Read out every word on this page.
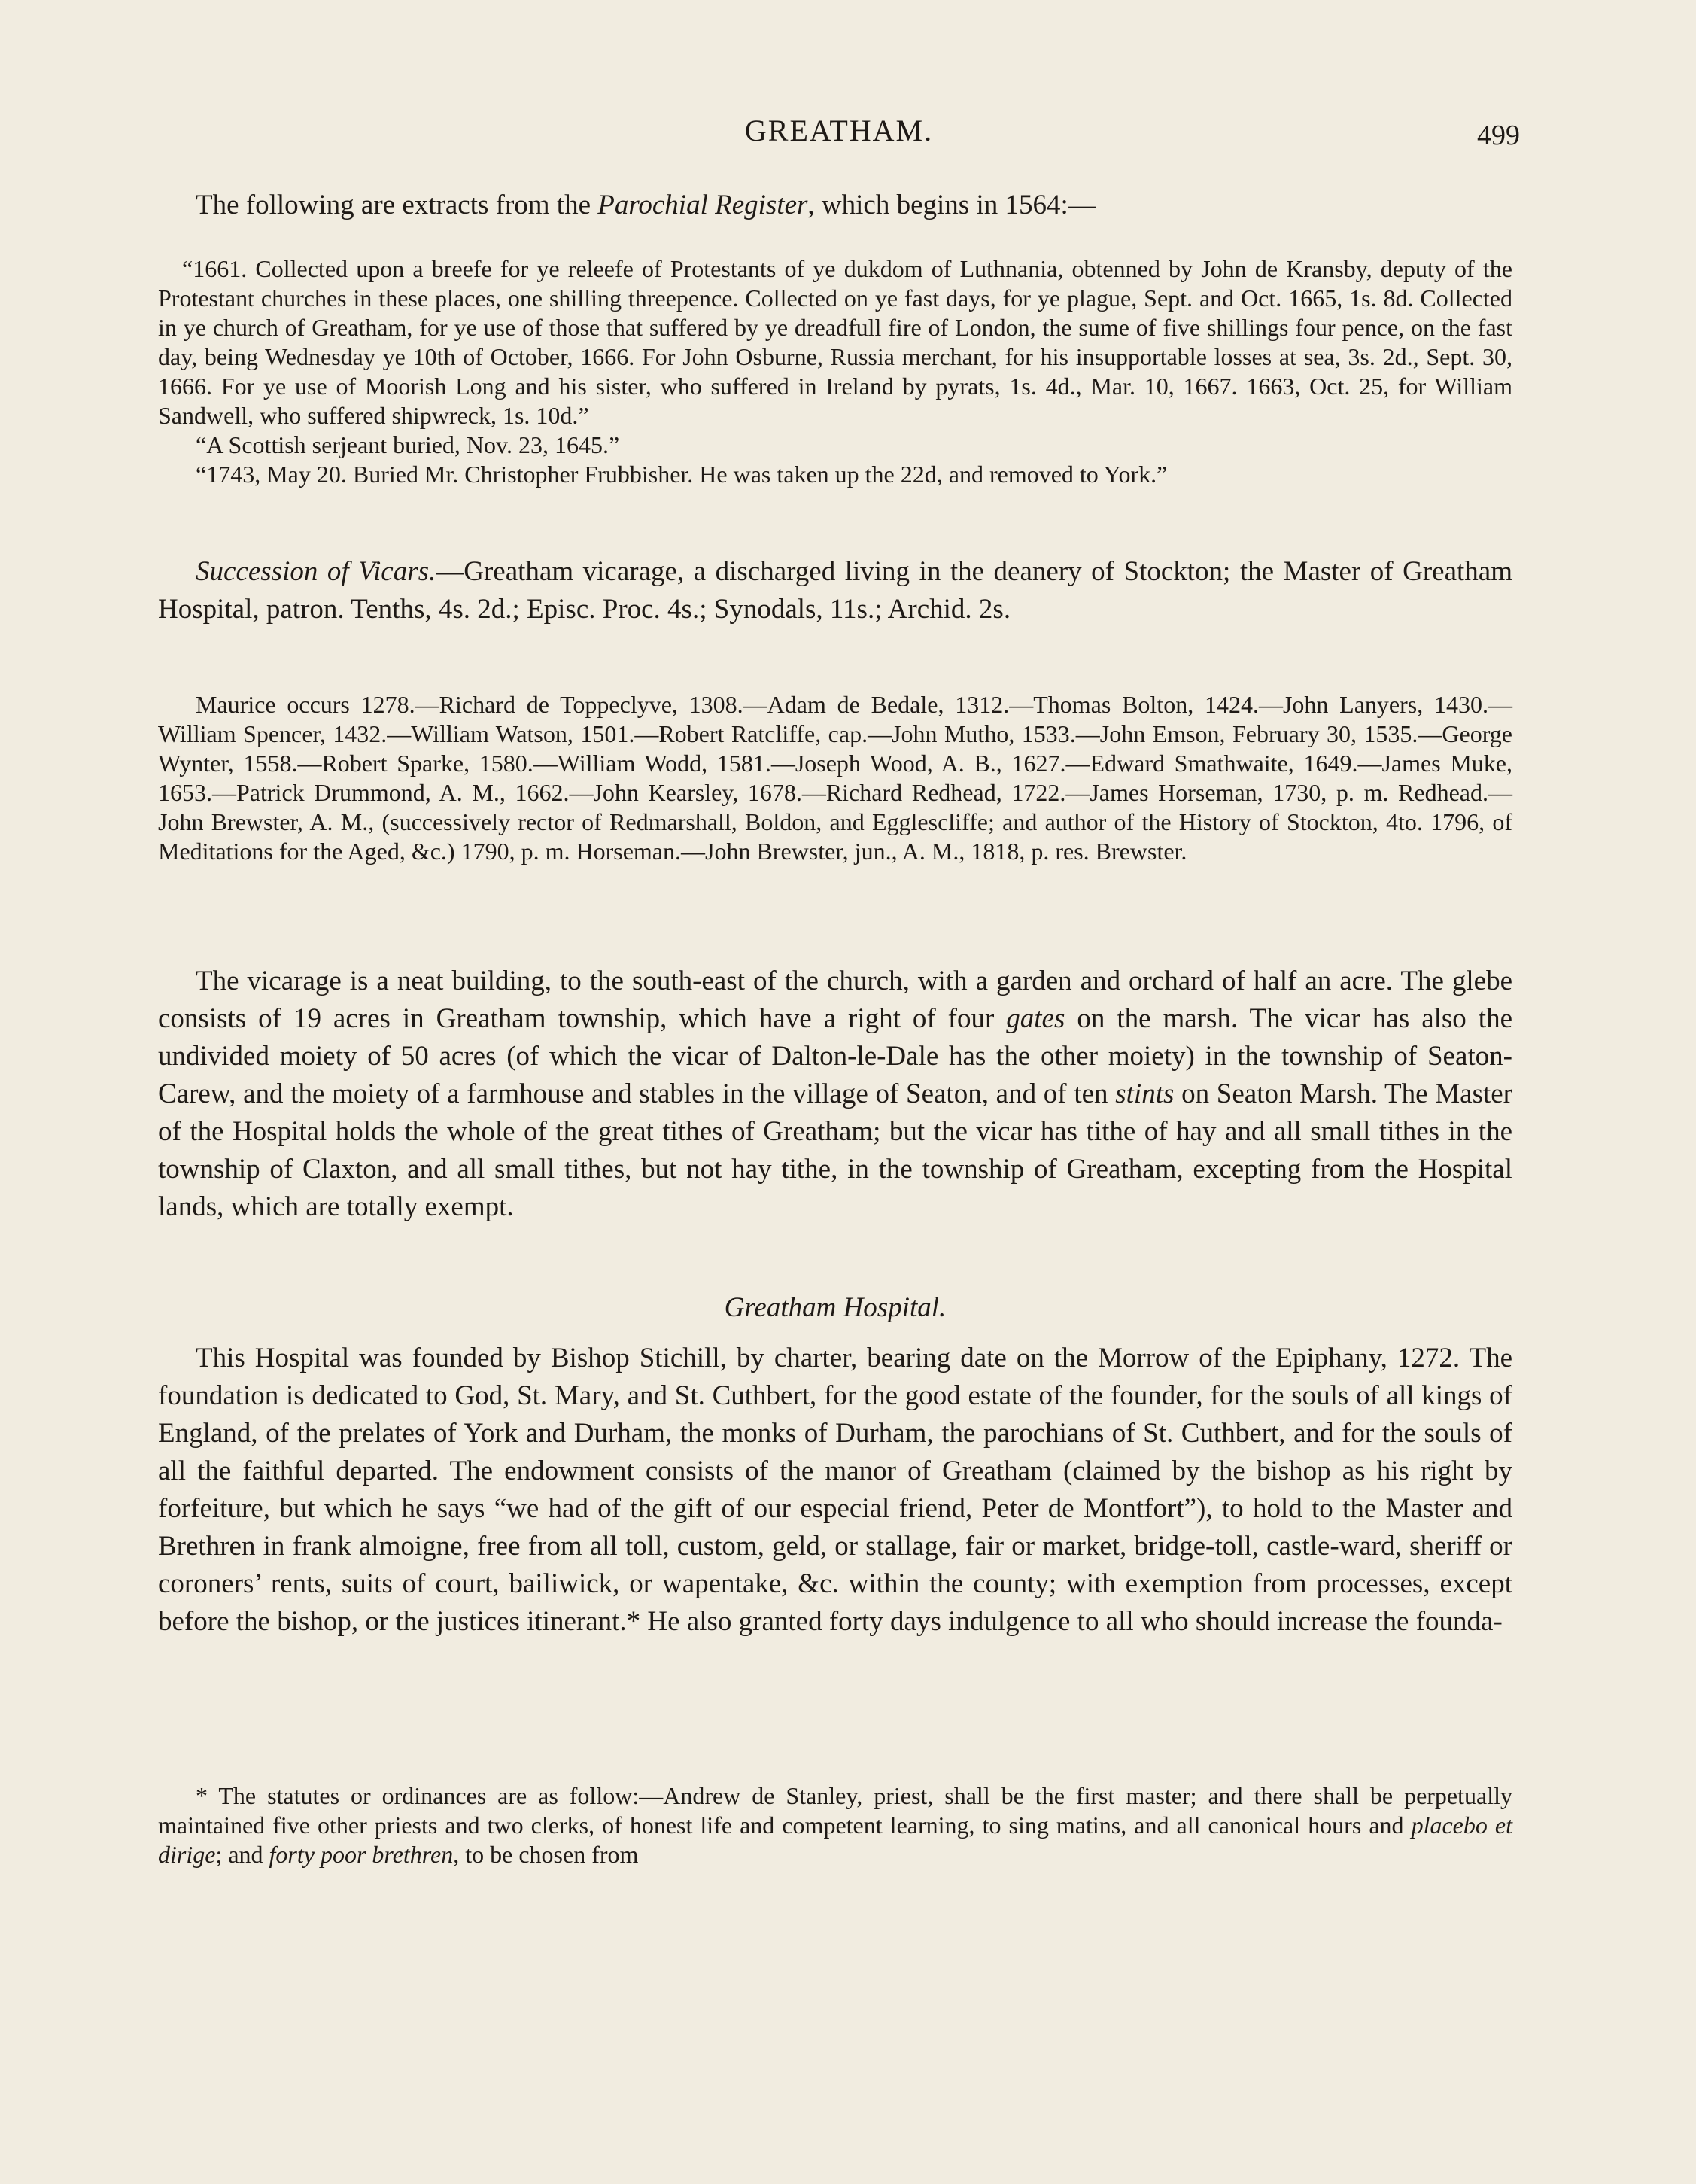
GREATHAM.	499

The following are extracts from the Parochial Register, which begins in 1564:—

“1661. Collected upon a breefe for ye releefe of Protestants of ye dukdom of Luthnania, obtenned by John de Kransby, deputy of the Protestant churches in these places, one shilling threepence. Collected on ye fast days, for ye plague, Sept. and Oct. 1665, 1s. 8d. Collected in ye church of Greatham, for ye use of those that suffered by ye dreadfull fire of London, the sume of five shillings four pence, on the fast day, being Wednesday ye 10th of October, 1666. For John Osburne, Russia merchant, for his insupportable losses at sea, 3s. 2d., Sept. 30, 1666. For ye use of Moorish Long and his sister, who suffered in Ireland by pyrats, 1s. 4d., Mar. 10, 1667. 1663, Oct. 25, for William Sandwell, who suffered shipwreck, 1s. 10d.”

“A Scottish serjeant buried, Nov. 23, 1645.”

“1743, May 20. Buried Mr. Christopher Frubbisher. He was taken up the 22d, and removed to York.”

Succession of Vicars.—Greatham vicarage, a discharged living in the deanery of Stockton; the Master of Greatham Hospital, patron. Tenths, 4s. 2d.; Episc. Proc. 4s.; Synodals, 11s.; Archid. 2s.

Maurice occurs 1278.—Richard de Toppeclyve, 1308.—Adam de Bedale, 1312.—Thomas Bolton, 1424.—John Lanyers, 1430.—William Spencer, 1432.—William Watson, 1501.—Robert Ratcliffe, cap.—John Mutho, 1533.—John Emson, February 30, 1535.—George Wynter, 1558.—Robert Sparke, 1580.—William Wodd, 1581.—Joseph Wood, A. B., 1627.—Edward Smathwaite, 1649.—James Muke, 1653.—Patrick Drummond, A. M., 1662.—John Kearsley, 1678.—Richard Redhead, 1722.—James Horseman, 1730, p. m. Redhead.—John Brewster, A. M., (successively rector of Redmarshall, Boldon, and Egglescliffe; and author of the History of Stockton, 4to. 1796, of Meditations for the Aged, &c.) 1790, p. m. Horseman.—John Brewster, jun., A. M., 1818, p. res. Brewster.

The vicarage is a neat building, to the south-east of the church, with a garden and orchard of half an acre. The glebe consists of 19 acres in Greatham township, which have a right of four gates on the marsh. The vicar has also the undivided moiety of 50 acres (of which the vicar of Dalton-le-Dale has the other moiety) in the township of Seaton-Carew, and the moiety of a farmhouse and stables in the village of Seaton, and of ten stints on Seaton Marsh. The Master of the Hospital holds the whole of the great tithes of Greatham; but the vicar has tithe of hay and all small tithes in the township of Claxton, and all small tithes, but not hay tithe, in the township of Greatham, excepting from the Hospital lands, which are totally exempt.

Greatham Hospital.

This Hospital was founded by Bishop Stichill, by charter, bearing date on the Morrow of the Epiphany, 1272. The foundation is dedicated to God, St. Mary, and St. Cuthbert, for the good estate of the founder, for the souls of all kings of England, of the prelates of York and Durham, the monks of Durham, the parochians of St. Cuthbert, and for the souls of all the faithful departed. The endowment consists of the manor of Greatham (claimed by the bishop as his right by forfeiture, but which he says “we had of the gift of our especial friend, Peter de Montfort”), to hold to the Master and Brethren in frank almoigne, free from all toll, custom, geld, or stallage, fair or market, bridge-toll, castle-ward, sheriff or coroners’ rents, suits of court, bailiwick, or wapentake, &c. within the county; with exemption from processes, except before the bishop, or the justices itinerant.* He also granted forty days indulgence to all who should increase the founda-

* The statutes or ordinances are as follow:—Andrew de Stanley, priest, shall be the first master; and there shall be perpetually maintained five other priests and two clerks, of honest life and competent learning, to sing matins, and all canonical hours and placebo et dirige; and forty poor brethren, to be chosen from
